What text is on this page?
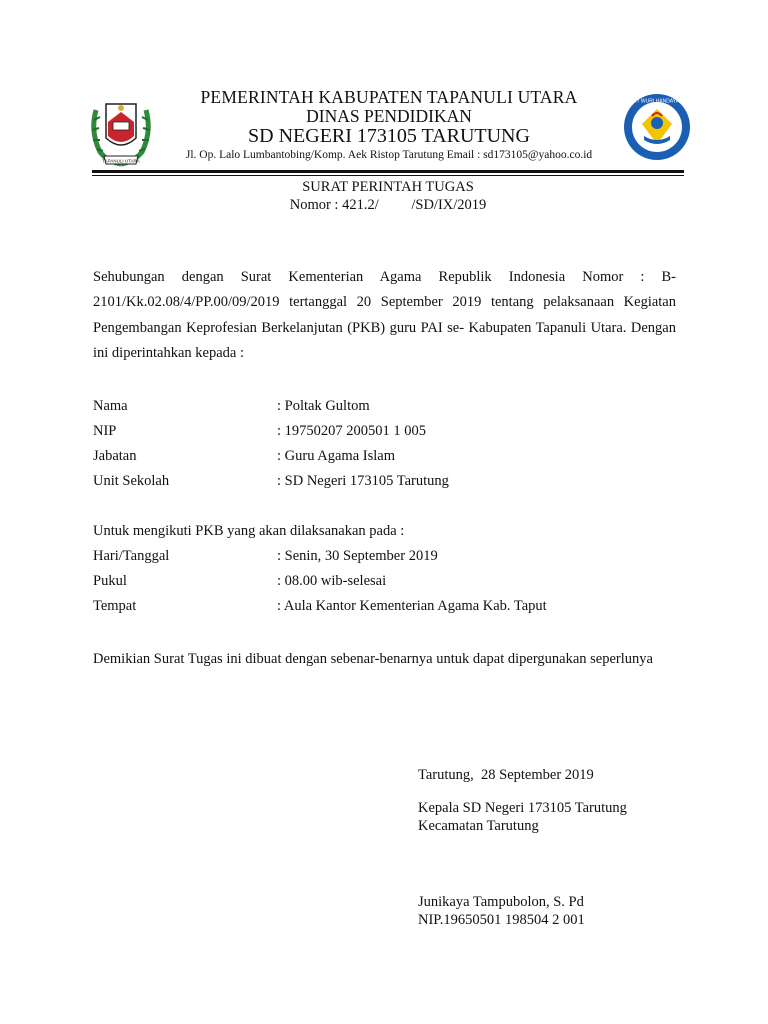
TAPANULI UTARA
TUT WURI HANDAYANI
PEMERINTAH KABUPATEN TAPANULI UTARA
DINAS PENDIDIKAN
SD NEGERI 173105 TARUTUNG
Jl. Op. Lalo Lumbantobing/Komp. Aek Ristop Tarutung Email : sd173105@yahoo.co.id
SURAT PERINTAH TUGAS
Nomor : 421.2/         /SD/IX/2019
Sehubungan dengan Surat Kementerian Agama Republik Indonesia Nomor : B-2101/Kk.02.08/4/PP.00/09/2019 tertanggal 20 September 2019 tentang pelaksanaan Kegiatan Pengembangan Keprofesian Berkelanjutan (PKB) guru PAI se- Kabupaten Tapanuli Utara. Dengan ini diperintahkan kepada :
Nama	: Poltak Gultom
NIP	: 19750207 200501 1 005
Jabatan	: Guru Agama Islam
Unit Sekolah	: SD Negeri 173105 Tarutung
Untuk mengikuti PKB yang akan dilaksanakan pada :
Hari/Tanggal	: Senin, 30 September 2019
Pukul	: 08.00 wib-selesai
Tempat	: Aula Kantor Kementerian Agama Kab. Taput
Demikian Surat Tugas ini dibuat dengan sebenar-benarnya untuk dapat dipergunakan seperlunya
Tarutung,  28 September 2019
Kepala SD Negeri 173105 Tarutung
Kecamatan Tarutung
Junikaya Tampubolon, S. Pd
NIP.19650501 198504 2 001
